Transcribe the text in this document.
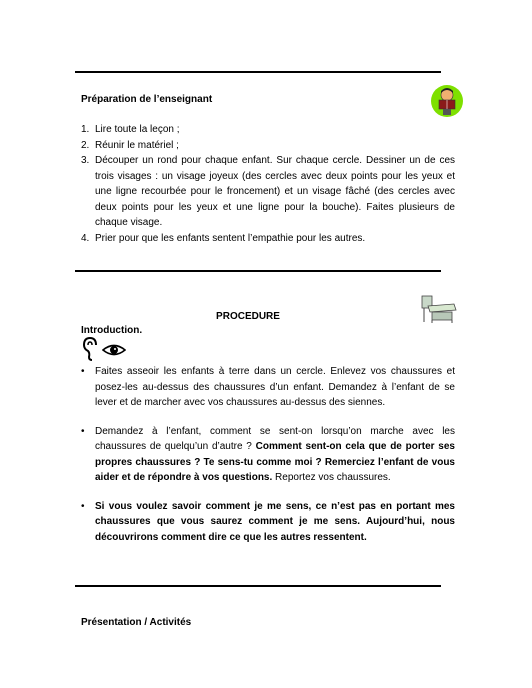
Préparation de l’enseignant
1. Lire toute la leçon ;
2. Réunir le matériel ;
3. Découper un rond pour chaque enfant. Sur chaque cercle. Dessiner un de ces trois visages : un visage joyeux (des cercles avec deux points pour les yeux et une ligne recourbée pour le froncement) et un visage fâché (des cercles avec deux points pour les yeux et une ligne pour la bouche). Faites plusieurs de chaque visage.
4. Prier pour que les enfants sentent l’empathie pour les autres.
PROCEDURE
Introduction.
• Faites asseoir les enfants à terre dans un cercle. Enlevez vos chaussures et posez-les au-dessus des chaussures d’un enfant. Demandez à l’enfant de se lever et de marcher avec vos chaussures au-dessus des siennes.
• Demandez à l’enfant, comment se sent-on lorsqu’on marche avec les chaussures de quelqu’un d’autre ? Comment sent-on cela que de porter ses propres chaussures ? Te sens-tu comme moi ? Remerciez l’enfant de vous aider et de répondre à vos questions. Reportez vos chaussures.
• Si vous voulez savoir comment je me sens, ce n’est pas en portant mes chaussures que vous saurez comment je me sens. Aujourd’hui, nous découvrirons comment dire ce que les autres ressentent.
Présentation / Activités
